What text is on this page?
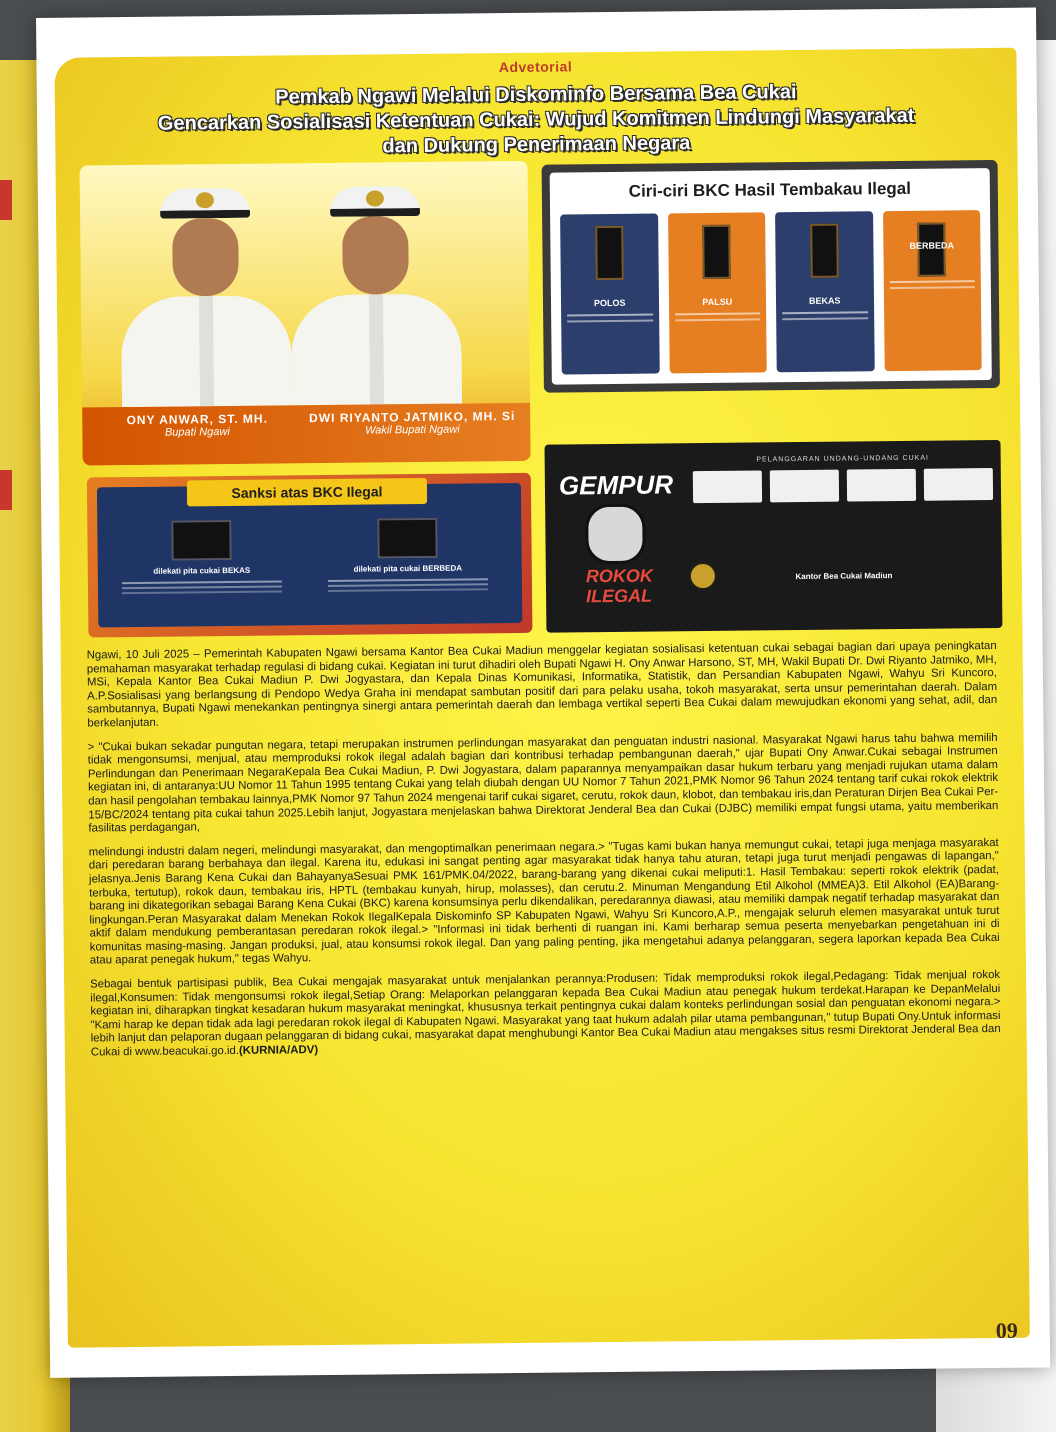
Advetorial
Pemkab Ngawi Melalui Diskominfo Bersama Bea Cukai
Gencarkan Sosialisasi Ketentuan Cukai: Wujud Komitmen Lindungi Masyarakat
dan Dukung Penerimaan Negara
ONY ANWAR, ST. MH.
Bupati Ngawi
DWI RIYANTO JATMIKO, MH. Si
Wakil Bupati Ngawi
Ciri-ciri BKC Hasil Tembakau Ilegal
POLOS	PALSU	BEKAS
BERBEDA
Sanksi atas BKC Ilegal
dilekati pita cukai BEKAS	dilekati pita cukai BERBEDA
GEMPUR
ROKOK
ILEGAL
PELANGGARAN UNDANG-UNDANG CUKAI
Kantor Bea Cukai Madiun

Ngawi, 10 Juli 2025 – Pemerintah Kabupaten Ngawi bersama Kantor Bea Cukai Madiun menggelar kegiatan sosialisasi ketentuan cukai sebagai bagian dari upaya peningkatan pemahaman masyarakat terhadap regulasi di bidang cukai. Kegiatan ini turut dihadiri oleh Bupati Ngawi H. Ony Anwar Harsono, ST, MH, Wakil Bupati Dr. Dwi Riyanto Jatmiko, MH, MSi, Kepala Kantor Bea Cukai Madiun P. Dwi Jogyastara, dan Kepala Dinas Komunikasi, Informatika, Statistik, dan Persandian Kabupaten Ngawi, Wahyu Sri Kuncoro, A.P.Sosialisasi yang berlangsung di Pendopo Wedya Graha ini mendapat sambutan positif dari para pelaku usaha, tokoh masyarakat, serta unsur pemerintahan daerah. Dalam sambutannya, Bupati Ngawi menekankan pentingnya sinergi antara pemerintah daerah dan lembaga vertikal seperti Bea Cukai dalam mewujudkan ekonomi yang sehat, adil, dan berkelanjutan.

> "Cukai bukan sekadar pungutan negara, tetapi merupakan instrumen perlindungan masyarakat dan penguatan industri nasional. Masyarakat Ngawi harus tahu bahwa memilih tidak mengonsumsi, menjual, atau memproduksi rokok ilegal adalah bagian dari kontribusi terhadap pembangunan daerah," ujar Bupati Ony Anwar.Cukai sebagai Instrumen Perlindungan dan Penerimaan NegaraKepala Bea Cukai Madiun, P. Dwi Jogyastara, dalam paparannya menyampaikan dasar hukum terbaru yang menjadi rujukan utama dalam kegiatan ini, di antaranya:UU Nomor 11 Tahun 1995 tentang Cukai yang telah diubah dengan UU Nomor 7 Tahun 2021,PMK Nomor 96 Tahun 2024 tentang tarif cukai rokok elektrik dan hasil pengolahan tembakau lainnya,PMK Nomor 97 Tahun 2024 mengenai tarif cukai sigaret, cerutu, rokok daun, klobot, dan tembakau iris,dan Peraturan Dirjen Bea Cukai Per-15/BC/2024 tentang pita cukai tahun 2025.Lebih lanjut, Jogyastara menjelaskan bahwa Direktorat Jenderal Bea dan Cukai (DJBC) memiliki empat fungsi utama, yaitu memberikan fasilitas perdagangan,

melindungi industri dalam negeri, melindungi masyarakat, dan mengoptimalkan penerimaan negara.> "Tugas kami bukan hanya memungut cukai, tetapi juga menjaga masyarakat dari peredaran barang berbahaya dan ilegal. Karena itu, edukasi ini sangat penting agar masyarakat tidak hanya tahu aturan, tetapi juga turut menjadi pengawas di lapangan," jelasnya.Jenis Barang Kena Cukai dan BahayanyaSesuai PMK 161/PMK.04/2022, barang-barang yang dikenai cukai meliputi:1. Hasil Tembakau: seperti rokok elektrik (padat, terbuka, tertutup), rokok daun, tembakau iris, HPTL (tembakau kunyah, hirup, molasses), dan cerutu.2. Minuman Mengandung Etil Alkohol (MMEA)3. Etil Alkohol (EA)Barang-barang ini dikategorikan sebagai Barang Kena Cukai (BKC) karena konsumsinya perlu dikendalikan, peredarannya diawasi, atau memiliki dampak negatif terhadap masyarakat dan lingkungan.Peran Masyarakat dalam Menekan Rokok IlegalKepala Diskominfo SP Kabupaten Ngawi, Wahyu Sri Kuncoro,A.P., mengajak seluruh elemen masyarakat untuk turut aktif dalam mendukung pemberantasan peredaran rokok ilegal.> "Informasi ini tidak berhenti di ruangan ini. Kami berharap semua peserta menyebarkan pengetahuan ini di komunitas masing-masing. Jangan produksi, jual, atau konsumsi rokok ilegal. Dan yang paling penting, jika mengetahui adanya pelanggaran, segera laporkan kepada Bea Cukai atau aparat penegak hukum," tegas Wahyu.

Sebagai bentuk partisipasi publik, Bea Cukai mengajak masyarakat untuk menjalankan perannya:Produsen: Tidak memproduksi rokok ilegal,Pedagang: Tidak menjual rokok ilegal,Konsumen: Tidak mengonsumsi rokok ilegal,Setiap Orang: Melaporkan pelanggaran kepada Bea Cukai Madiun atau penegak hukum terdekat.Harapan ke DepanMelalui kegiatan ini, diharapkan tingkat kesadaran hukum masyarakat meningkat, khususnya terkait pentingnya cukai dalam konteks perlindungan sosial dan penguatan ekonomi negara.> "Kami harap ke depan tidak ada lagi peredaran rokok ilegal di Kabupaten Ngawi. Masyarakat yang taat hukum adalah pilar utama pembangunan," tutup Bupati Ony.Untuk informasi lebih lanjut dan pelaporan dugaan pelanggaran di bidang cukai, masyarakat dapat menghubungi Kantor Bea Cukai Madiun atau mengakses situs resmi Direktorat Jenderal Bea dan Cukai di www.beacukai.go.id.(KURNIA/ADV)

09
